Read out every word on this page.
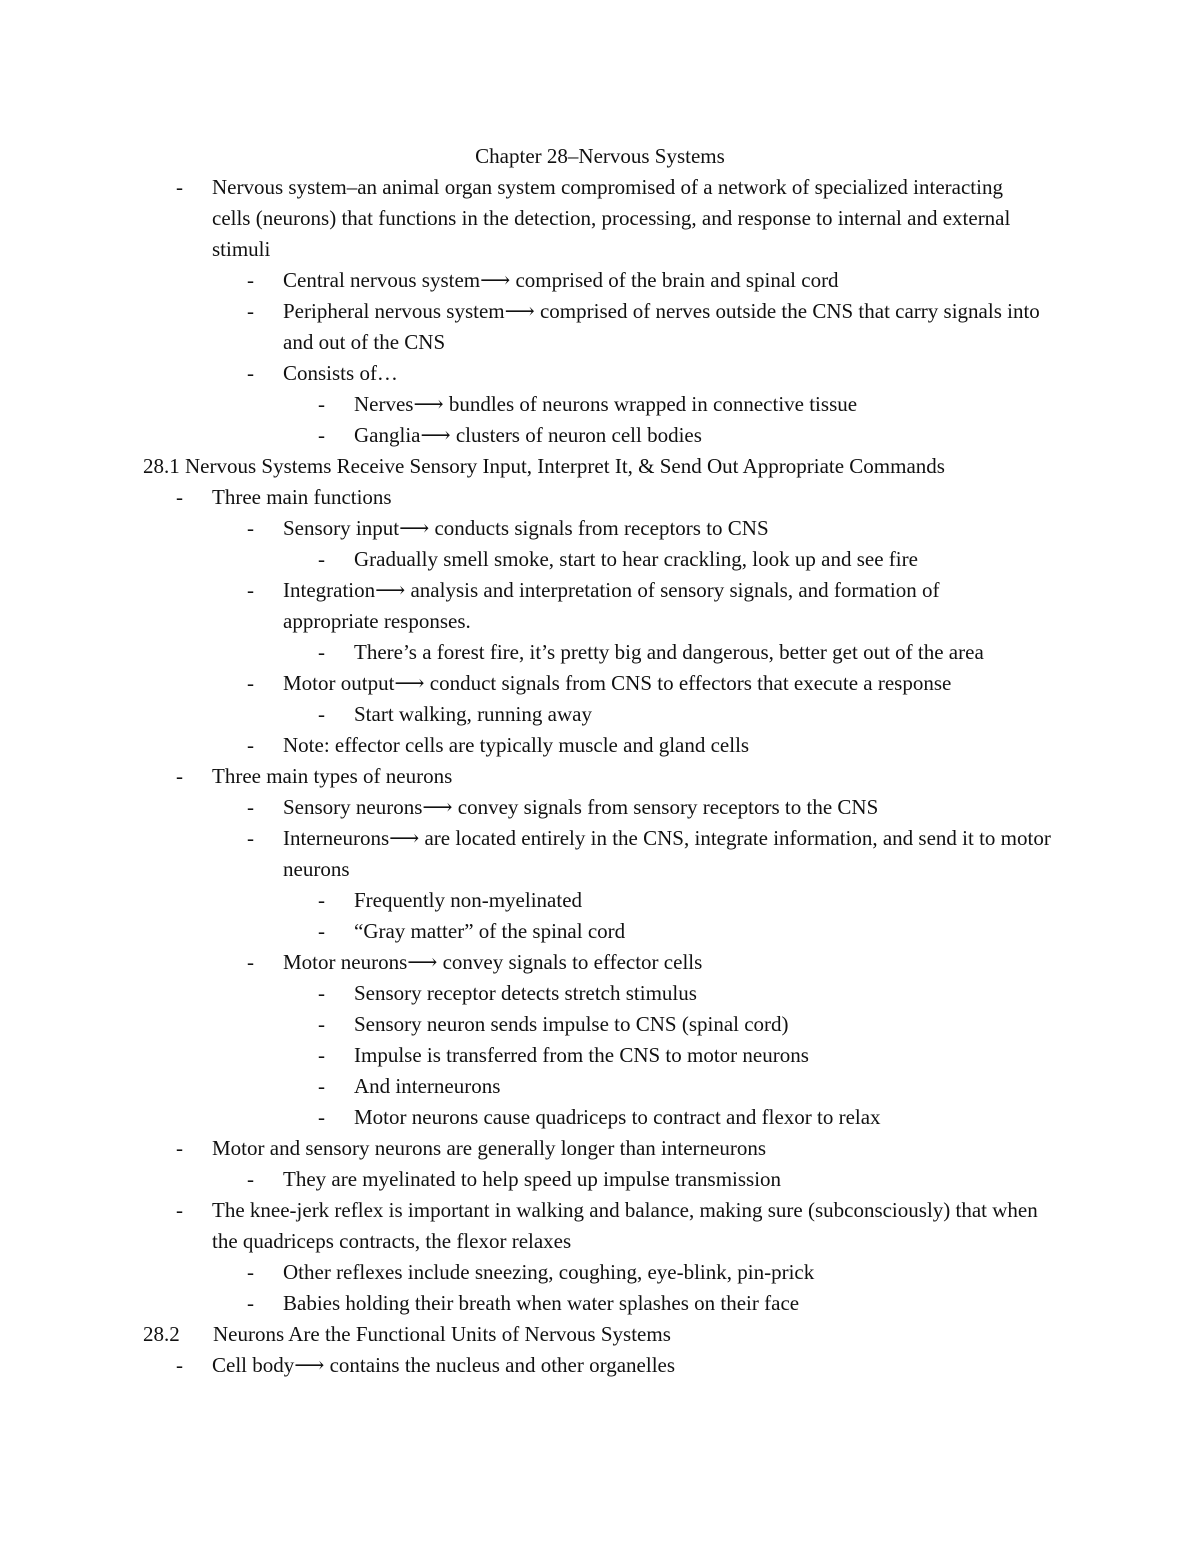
Chapter 28–Nervous Systems
-	Nervous system–an animal organ system compromised of a network of specialized interacting cells (neurons) that functions in the detection, processing, and response to internal and external stimuli
-	Central nervous system⟶ comprised of the brain and spinal cord
-	Peripheral nervous system⟶ comprised of nerves outside the CNS that carry signals into and out of the CNS
-	Consists of…
-	Nerves⟶ bundles of neurons wrapped in connective tissue
-	Ganglia⟶ clusters of neuron cell bodies
28.1 Nervous Systems Receive Sensory Input, Interpret It, & Send Out Appropriate Commands
-	Three main functions
-	Sensory input⟶ conducts signals from receptors to CNS
-	Gradually smell smoke, start to hear crackling, look up and see fire
-	Integration⟶ analysis and interpretation of sensory signals, and formation of appropriate responses.
-	There’s a forest fire, it’s pretty big and dangerous, better get out of the area
-	Motor output⟶ conduct signals from CNS to effectors that execute a response
-	Start walking, running away
-	Note: effector cells are typically muscle and gland cells
-	Three main types of neurons
-	Sensory neurons⟶ convey signals from sensory receptors to the CNS
-	Interneurons⟶ are located entirely in the CNS, integrate information, and send it to motor neurons
-	Frequently non-myelinated
-	“Gray matter” of the spinal cord
-	Motor neurons⟶ convey signals to effector cells
-	Sensory receptor detects stretch stimulus
-	Sensory neuron sends impulse to CNS (spinal cord)
-	Impulse is transferred from the CNS to motor neurons
-	And interneurons
-	Motor neurons cause quadriceps to contract and flexor to relax
-	Motor and sensory neurons are generally longer than interneurons
-	They are myelinated to help speed up impulse transmission
-	The knee-jerk reflex is important in walking and balance, making sure (subconsciously) that when the quadriceps contracts, the flexor relaxes
-	Other reflexes include sneezing, coughing, eye-blink, pin-prick
-	Babies holding their breath when water splashes on their face
28.2 Neurons Are the Functional Units of Nervous Systems
-	Cell body⟶ contains the nucleus and other organelles
